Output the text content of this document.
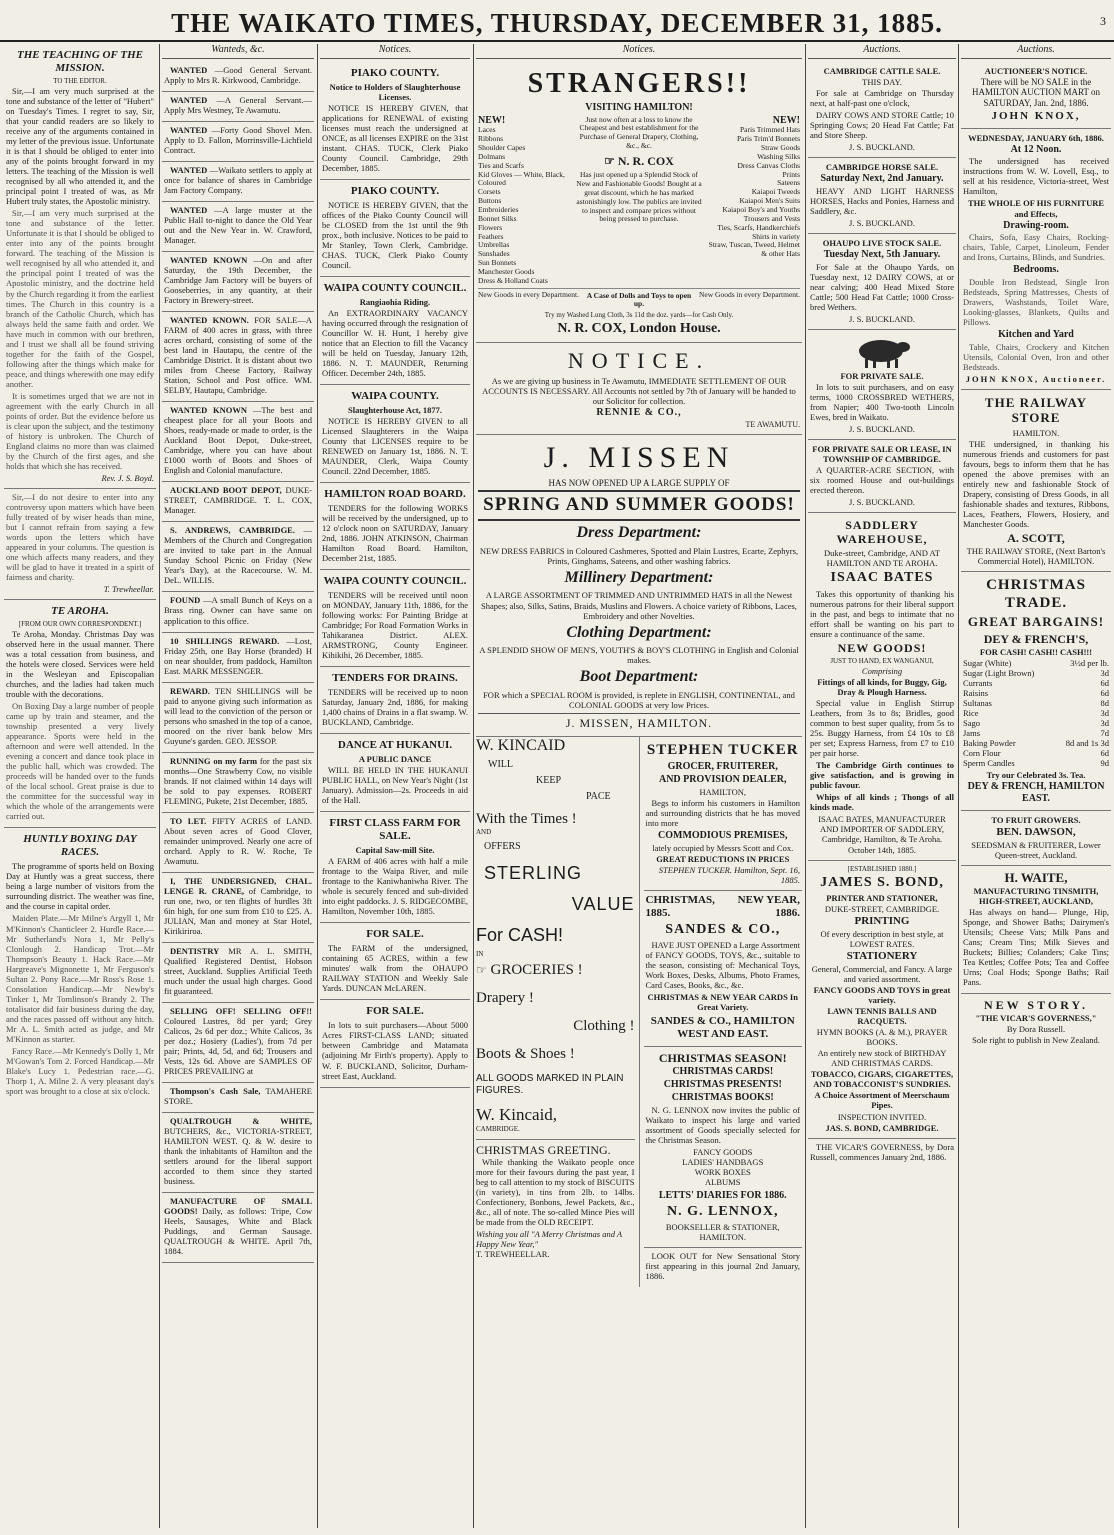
THE WAIKATO TIMES, THURSDAY, DECEMBER 31, 1885.	3
THE TEACHING OF THE MISSION.
TO THE EDITOR.

Sir,—I am very much surprised at the tone and substance of the letter of "Hubert" on Tuesday's Times. I regret to say, Sir, that your candid readers are so likely to receive any of the arguments contained in my letter of the previous issue. Unfortunate it is that I should be obliged to enter into any of the points brought forward in my letters. The teaching of the Mission is well recognised by all who attended it, and the principal point I treated of was, as Mr Hubert truly states, the Apostolic ministry.

Sir,—I am very much surprised at the tone and substance of the letter. Unfortunate it is that I should be obliged to enter into any of the points brought forward. The teaching of the Mission is well recognised by all who attended it, and the principal point I treated of was the Apostolic ministry, and the doctrine held by the Church regarding it from the earliest times. The Church in this country is a branch of the Catholic Church, which has always held the same faith and order. We have much in common with our brethren, and I trust we shall all be found striving together for the faith of the Gospel, following after the things which make for peace, and things wherewith one may edify another.

It is sometimes urged that we are not in agreement with the early Church in all points of order. But the evidence before us is clear upon the subject, and the testimony of history is unbroken. The Church of England claims no more than was claimed by the Church of the first ages, and she holds that which she has received.

Rev. J. S. Boyd.

Sir,—I do not desire to enter into any controversy upon matters which have been fully treated of by wiser heads than mine, but I cannot refrain from saying a few words upon the letters which have appeared in your columns. The question is one which affects many readers, and they will be glad to have it treated in a spirit of fairness and charity.

T. Trewheellar.
TE AROHA.
[FROM OUR OWN CORRESPONDENT.]

Te Aroha, Monday. Christmas Day was observed here in the usual manner. There was a total cessation from business, and the hotels were closed. Services were held in the Wesleyan and Episcopalian churches, and the ladies had taken much trouble with the decorations.

On Boxing Day a large number of people came up by train and steamer, and the township presented a very lively appearance. Sports were held in the afternoon and were well attended. In the evening a concert and dance took place in the public hall, which was crowded. The proceeds will be handed over to the funds of the local school. Great praise is due to the committee for the successful way in which the whole of the arrangements were carried out.

HUNTLY BOXING DAY RACES.

The programme of sports held on Boxing Day at Huntly was a great success, there being a large number of visitors from the surrounding district. The weather was fine, and the course in capital order.

Maiden Plate.—Mr Milne's Argyll 1, Mr M'Kinnon's Chanticleer 2. Hurdle Race.—Mr Sutherland's Nora 1, Mr Pelly's Clonlough 2. Handicap Trot.—Mr Thompson's Beauty 1. Hack Race.—Mr Hargreave's Mignonette 1, Mr Ferguson's Sultan 2. Pony Race.—Mr Ross's Rose 1. Consolation Handicap.—Mr Newby's Tinker 1, Mr Tomlinson's Brandy 2. The totalisator did fair business during the day, and the races passed off without any hitch. Mr A. L. Smith acted as judge, and Mr M'Kinnon as starter.

Fancy Race.—Mr Kennedy's Dolly 1, Mr M'Gowan's Tom 2. Forced Handicap.—Mr Blake's Lucy 1. Pedestrian race.—G. Thorp 1, A. Milne 2. A very pleasant day's sport was brought to a close at six o'clock.

Wanteds, &c.

WANTED —Good General Servant. Apply to Mrs R. Kirkwood, Cambridge.

WANTED —A General Servant.—Apply Mrs Westney, Te Awamutu.

WANTED —Forty Good Shovel Men. Apply to D. Fallon, Morrinsville-Lichfield Contract.

WANTED —Waikato settlers to apply at once for balance of shares in Cambridge Jam Factory Company.

WANTED —A large muster at the Public Hall to-night to dance the Old Year out and the New Year in. W. Crawford, Manager.

WANTED KNOWN —On and after Saturday, the 19th December, the Cambridge Jam Factory will be buyers of Gooseberries, in any quantity, at their Factory in Brewery-street.

WANTED KNOWN. FOR SALE—A FARM of 400 acres in grass, with three acres orchard, consisting of some of the best land in Hautapu, the centre of the Cambridge District. It is distant about two miles from Cheese Factory, Railway Station, School and Post office. WM. SELBY, Hautapu, Cambridge.

WANTED KNOWN —The best and cheapest place for all your Boots and Shoes, ready-made or made to order, is the Auckland Boot Depot, Duke-street, Cambridge, where you can have about £1000 worth of Boots and Shoes of English and Colonial manufacture.

AUCKLAND BOOT DEPOT, DUKE-STREET, CAMBRIDGE. T. L. COX, Manager.

S. ANDREWS, CAMBRIDGE. —Members of the Church and Congregation are invited to take part in the Annual Sunday School Picnic on Friday (New Year's Day), at the Racecourse. W. M. DeL. WILLIS.

FOUND —A small Bunch of Keys on a Brass ring. Owner can have same on application to this office.

10 SHILLINGS REWARD. —Lost, Friday 25th, one Bay Horse (branded) H on near shoulder, from paddock, Hamilton East. MARK MESSENGER.

REWARD. TEN SHILLINGS will be paid to anyone giving such information as will lead to the conviction of the person or persons who smashed in the top of a canoe, moored on the river bank below Mrs Guyune's garden. GEO. JESSOP.

RUNNING on my farm for the past six months—One Strawberry Cow, no visible brands. If not claimed within 14 days will be sold to pay expenses. ROBERT FLEMING, Pukete, 21st December, 1885.

TO LET. FIFTY ACRES of LAND. About seven acres of Good Clover, remainder unimproved. Nearly one acre of orchard. Apply to R. W. Roche, Te Awamutu.

I, THE UNDERSIGNED, CHAL. LENGE R. CRANE, of Cambridge, to run one, two, or ten flights of hurdles 3ft 6in high, for one sum from £10 to £25. A. JULIAN, Man and money at Star Hotel, Kirikiriroa.

DENTISTRY MR A. L. SMITH, Qualified Registered Dentist, Hobson street, Auckland. Supplies Artificial Teeth much under the usual high charges. Good fit guaranteed.

SELLING OFF! SELLING OFF!! Coloured Lustres, 8d per yard; Grey Calicos, 2s 6d per doz.; White Calicos, 3s per doz.; Hosiery (Ladies'), from 7d per pair; Prints, 4d, 5d, and 6d; Trousers and Vests, 12s 6d. Above are SAMPLES OF PRICES PREVAILING at

Thompson's Cash Sale, TAMAHERE STORE.

QUALTROUGH & WHITE, BUTCHERS, &c., VICTORIA-STREET, HAMILTON WEST. Q. & W. desire to thank the inhabitants of Hamilton and the settlers around for the liberal support accorded to them since they started business.

MANUFACTURE OF SMALL GOODS! Daily, as follows: Tripe, Cow Heels, Sausages, White and Black Puddings, and German Sausage. QUALTROUGH & WHITE. April 7th, 1884.

Notices.
PIAKO COUNTY.
Notice to Holders of Slaughterhouse Licenses.

NOTICE IS HEREBY GIVEN, that applications for RENEWAL of existing licenses must reach the undersigned at ONCE, as all licenses EXPIRE on the 31st instant. CHAS. TUCK, Clerk Piako County Council. Cambridge, 29th December, 1885.

PIAKO COUNTY.

NOTICE IS HEREBY GIVEN, that the offices of the Piako County Council will be CLOSED from the 1st until the 9th prox., both inclusive. Notices to be paid to Mr Stanley, Town Clerk, Cambridge. CHAS. TUCK, Clerk Piako County Council.

WAIPA COUNTY COUNCIL.
Rangiaohia Riding.

An EXTRAORDINARY VACANCY having occurred through the resignation of Councillor W. H. Hunt, I hereby give notice that an Election to fill the Vacancy will be held on Tuesday, January 12th, 1886. N. T. MAUNDER, Returning Officer. December 24th, 1885.

WAIPA COUNTY.
Slaughterhouse Act, 1877.

NOTICE IS HEREBY GIVEN to all Licensed Slaughterers in the Waipa County that LICENSES require to be RENEWED on January 1st, 1886. N. T. MAUNDER, Clerk, Waipa County Council. 22nd December, 1885.

HAMILTON ROAD BOARD.

TENDERS for the following WORKS will be received by the undersigned, up to 12 o'clock noon on SATURDAY, January 2nd, 1886. JOHN ATKINSON, Chairman Hamilton Road Board. Hamilton, December 21st, 1885.

WAIPA COUNTY COUNCIL.

TENDERS will be received until noon on MONDAY, January 11th, 1886, for the following works: For Painting Bridge at Cambridge; For Road Formation Works in Tahikaranea District. ALEX. ARMSTRONG, County Engineer. Kihikihi, 26 December, 1885.

TENDERS FOR DRAINS.

TENDERS will be received up to noon Saturday, January 2nd, 1886, for making 1,400 chains of Drains in a flat swamp. W. BUCKLAND, Cambridge.

DANCE AT HUKANUI.
A PUBLIC DANCE

WILL BE HELD IN THE HUKANUI PUBLIC HALL, on New Year's Night (1st January). Admission—2s. Proceeds in aid of the Hall.

FIRST CLASS FARM FOR SALE.
Capital Saw-mill Site.

A FARM of 406 acres with half a mile frontage to the Waipa River, and mile frontage to the Kaniwhaniwha River. The whole is securely fenced and sub-divided into eight paddocks. J. S. RIDGECOMBE, Hamilton, November 10th, 1885.

FOR SALE.

The FARM of the undersigned, containing 65 ACRES, within a few minutes' walk from the OHAUPO RAILWAY STATION and Weekly Sale Yards. DUNCAN McLAREN.

FOR SALE.

In lots to suit purchasers—About 5000 Acres FIRST-CLASS LAND; situated between Cambridge and Matamata (adjoining Mr Firth's property). Apply to W. F. BUCKLAND, Solicitor, Durham-street East, Auckland.

Notices.
STRANGERS!!
VISITING HAMILTON!
NEW!
Laces
Ribbons
Shoulder Capes
Dolmans
Ties and Scarfs
Kid Gloves — White, Black, Coloured
Corsets
Buttons
Embroideries
Bonnet Silks
Flowers
Feathers
Umbrellas
Sunshades
Sun Bonnets
Manchester Goods
Dress & Holland Coats
Just now often at a loss to know the Cheapest and best establishment for the Purchase of General Drapery, Clothing, &c., &c.
☞ N. R. COX
Has just opened up a Splendid Stock of New and Fashionable Goods! Bought at a great discount, which he has marked astonishingly low. The publics are invited to inspect and compare prices without being pressed to purchase.
NEW!
Paris Trimmed Hats
Paris Trim'd Bonnets
Straw Goods
Washing Silks
Dress Canvas Cloths
Prints
Sateens
Kaiapoi Tweeds
Kaiapoi Men's Suits
Kaiapoi Boy's and Youths
Trousers and Vests
Ties, Scarfs, Handkerchiefs
Shirts in variety
Straw, Tuscan, Tweed, Helmet & other Hats
New Goods in every Department.	A Case of Dolls and Toys to open up.
New Goods in every Department.
Try my Washed Lung Cloth, 3s 11d the doz. yards—for Cash Only.
N. R. COX, London House.
NOTICE.
As we are giving up business in Te Awamutu, IMMEDIATE SETTLEMENT OF OUR ACCOUNTS IS NECESSARY. All Accounts not settled by 7th of January will be handed to our Solicitor for collection.
RENNIE & CO.,
TE AWAMUTU.
J. MISSEN
HAS NOW OPENED UP A LARGE SUPPLY OF
SPRING AND SUMMER GOODS!
Dress Department:
NEW DRESS FABRICS in Coloured Cashmeres, Spotted and Plain Lustres, Ecarte, Zephyrs, Prints, Ginghams, Sateens, and other washing fabrics.
Millinery Department:
A LARGE ASSORTMENT OF TRIMMED AND UNTRIMMED HATS in all the Newest Shapes; also, Silks, Satins, Braids, Muslins and Flowers. A choice variety of Ribbons, Laces, Embroidery and other Novelties.
Clothing Department:
A SPLENDID SHOW OF MEN'S, YOUTH'S & BOY'S CLOTHING in English and Colonial makes.
Boot Department:
FOR which a SPECIAL ROOM is provided, is replete in ENGLISH, CONTINENTAL, and COLONIAL GOODS at very low Prices.
J. MISSEN, HAMILTON.
W. KINCAID
WILL
KEEP
PACE
With the Times !
AND
OFFERS
STERLING
VALUE
For CASH!
IN
☞ GROCERIES !
Drapery !
Clothing !
Boots & Shoes !
ALL GOODS MARKED IN PLAIN FIGURES.
W. Kincaid,
CAMBRIDGE.
CHRISTMAS GREETING.

While thanking the Waikato people once more for their favours during the past year, I beg to call attention to my stock of BISCUITS (in variety), in tins from 2lb. to 14lbs. Confectionery, Bonbons, Jewel Packets, &c., &c., all of note. The so-called Mince Pies will be made from the OLD RECEIPT.

Wishing you all "A Merry Christmas and A Happy New Year,"
T. TREWHEELLAR.
STEPHEN TUCKER
GROCER, FRUITERER,
AND PROVISION DEALER,
HAMILTON,

Begs to inform his customers in Hamilton and surrounding districts that he has moved into more

COMMODIOUS PREMISES,
lately occupied by Messrs Scott and Cox.
GREAT REDUCTIONS IN PRICES
STEPHEN TUCKER. Hamilton, Sept. 16, 1885.
CHRISTMAS, 1885.
NEW YEAR, 1886.
SANDES & CO.,

HAVE JUST OPENED a Large Assortment of FANCY GOODS, TOYS, &c., suitable to the season, consisting of: Mechanical Toys, Work Boxes, Desks, Albums, Photo Frames, Card Cases, Books, &c., &c.

CHRISTMAS & NEW YEAR CARDS In Great Variety.
SANDES & CO., HAMILTON WEST AND EAST.
CHRISTMAS SEASON!
CHRISTMAS CARDS!
CHRISTMAS PRESENTS!
CHRISTMAS BOOKS!

N. G. LENNOX now invites the public of Waikato to inspect his large and varied assortment of Goods specially selected for the Christmas Season.

FANCY GOODS
LADIES' HANDBAGS
WORK BOXES
ALBUMS
LETTS' DIARIES FOR 1886.
N. G. LENNOX,
BOOKSELLER & STATIONER, HAMILTON.

LOOK OUT for New Sensational Story first appearing in this journal 2nd January, 1886.

Auctions.
CAMBRIDGE CATTLE SALE.
THIS DAY.

For sale at Cambridge on Thursday next, at half-past one o'clock,

DAIRY COWS AND STORE Cattle; 10 Springing Cows; 20 Head Fat Cattle; Fat and Store Sheep.

J. S. BUCKLAND.
CAMBRIDGE HORSE SALE.
Saturday Next, 2nd January.

HEAVY AND LIGHT HARNESS HORSES, Hacks and Ponies, Harness and Saddlery, &c.

J. S. BUCKLAND.
OHAUPO LIVE STOCK SALE.
Tuesday Next, 5th January.

For Sale at the Ohaupo Yards, on Tuesday next, 12 DAIRY COWS, at or near calving; 400 Head Mixed Store Cattle; 500 Head Fat Cattle; 1000 Cross-bred Wethers.

J. S. BUCKLAND.
FOR PRIVATE SALE.

In lots to suit purchasers, and on easy terms, 1000 CROSSBRED WETHERS, from Napier; 400 Two-tooth Lincoln Ewes, bred in Waikato.

J. S. BUCKLAND.
FOR PRIVATE SALE OR LEASE, IN TOWNSHIP OF CAMBRIDGE.

A QUARTER-ACRE SECTION, with six roomed House and out-buildings erected thereon.

J. S. BUCKLAND.
SADDLERY WAREHOUSE,
Duke-street, Cambridge, AND AT HAMILTON AND TE AROHA.
ISAAC BATES

Takes this opportunity of thanking his numerous patrons for their liberal support in the past, and begs to intimate that no effort shall be wanting on his part to ensure a continuance of the same.

NEW GOODS!
JUST TO HAND, EX WANGANUI,
Comprising
Fittings of all kinds, for Buggy, Gig, Dray & Plough Harness.

Special value in English Stirrup Leathers, from 3s to 8s; Bridles, good common to best super quality, from 5s to 25s. Buggy Harness, from £4 10s to £8 per set; Express Harness, from £7 to £10 per pair horse.

The Cambridge Girth continues to give satisfaction, and is growing in public favour.

Whips of all kinds ; Thongs of all kinds made.

ISAAC BATES, MANUFACTURER AND IMPORTER OF SADDLERY, Cambridge, Hamilton, & Te Aroha. October 14th, 1885.
[ESTABLISHED 1880.]
JAMES S. BOND,
PRINTER AND STATIONER,
DUKE-STREET, CAMBRIDGE.
PRINTING
Of every description in best style, at LOWEST RATES.
STATIONERY
General, Commercial, and Fancy. A large and varied assortment.
FANCY GOODS AND TOYS in great variety.
LAWN TENNIS BALLS AND RACQUETS.
HYMN BOOKS (A. & M.), PRAYER BOOKS.
An entirely new stock of BIRTHDAY AND CHRISTMAS CARDS.
TOBACCO, CIGARS, CIGARETTES, AND TOBACCONIST'S SUNDRIES.
A Choice Assortment of Meerschaum Pipes.
INSPECTION INVITED.
JAS. S. BOND, CAMBRIDGE.

THE VICAR'S GOVERNESS, by Dora Russell, commences January 2nd, 1886.

Auctions.
AUCTIONEER'S NOTICE.
There will be NO SALE in the HAMILTON AUCTION MART on SATURDAY, Jan. 2nd, 1886.
JOHN KNOX,
WEDNESDAY, JANUARY 6th, 1886.
At 12 Noon.

The undersigned has received instructions from W. W. Lovell, Esq., to sell at his residence, Victoria-street, West Hamilton,

THE WHOLE OF HIS FURNITURE and Effects,
Drawing-room.

Chairs, Sofa, Easy Chairs, Rocking-chairs, Table, Carpet, Linoleum, Fender and Irons, Curtains, Blinds, and Sundries.

Bedrooms.

Double Iron Bedstead, Single Iron Bedsteads, Spring Mattresses, Chests of Drawers, Washstands, Toilet Ware, Looking-glasses, Blankets, Quilts and Pillows.

Kitchen and Yard

Table, Chairs, Crockery and Kitchen Utensils, Colonial Oven, Iron and other Bedsteads.

JOHN KNOX, Auctioneer.
THE RAILWAY STORE
HAMILTON.

THE undersigned, in thanking his numerous friends and customers for past favours, begs to inform them that he has opened the above premises with an entirely new and fashionable Stock of Drapery, consisting of Dress Goods, in all fashionable shades and textures, Ribbons, Laces, Feathers, Flowers, Hosiery, and Manchester Goods.

A. SCOTT,
THE RAILWAY STORE, (Next Barton's Commercial Hotel), HAMILTON.
CHRISTMAS TRADE.
GREAT BARGAINS!
DEY & FRENCH'S,
FOR CASH! CASH!! CASH!!!
Sugar (White)	3½d per lb.
Sugar (Light Brown)	3d
Currants	6d
Raisins	6d
Sultanas	8d
Rice	3d
Sago	3d
Jams	7d
Baking Powder	8d and 1s 3d
Corn Flour	6d
Sperm Candles	9d
Try our Celebrated 3s. Tea.
DEY & FRENCH, HAMILTON EAST.
TO FRUIT GROWERS.
BEN. DAWSON,
SEEDSMAN & FRUITERER, Lower Queen-street, Auckland.
H. WAITE,
MANUFACTURING TINSMITH, HIGH-STREET, AUCKLAND,

Has always on hand— Plunge, Hip, Sponge, and Shower Baths; Dairymen's Utensils; Cheese Vats; Milk Pans and Cans; Cream Tins; Milk Sieves and Buckets; Billies; Colanders; Cake Tins; Tea Kettles; Coffee Pots; Tea and Coffee Urns; Coal Hods; Sponge Baths; Rail Pans.

NEW STORY.
"THE VICAR'S GOVERNESS,"
By Dora Russell.
Sole right to publish in New Zealand.
